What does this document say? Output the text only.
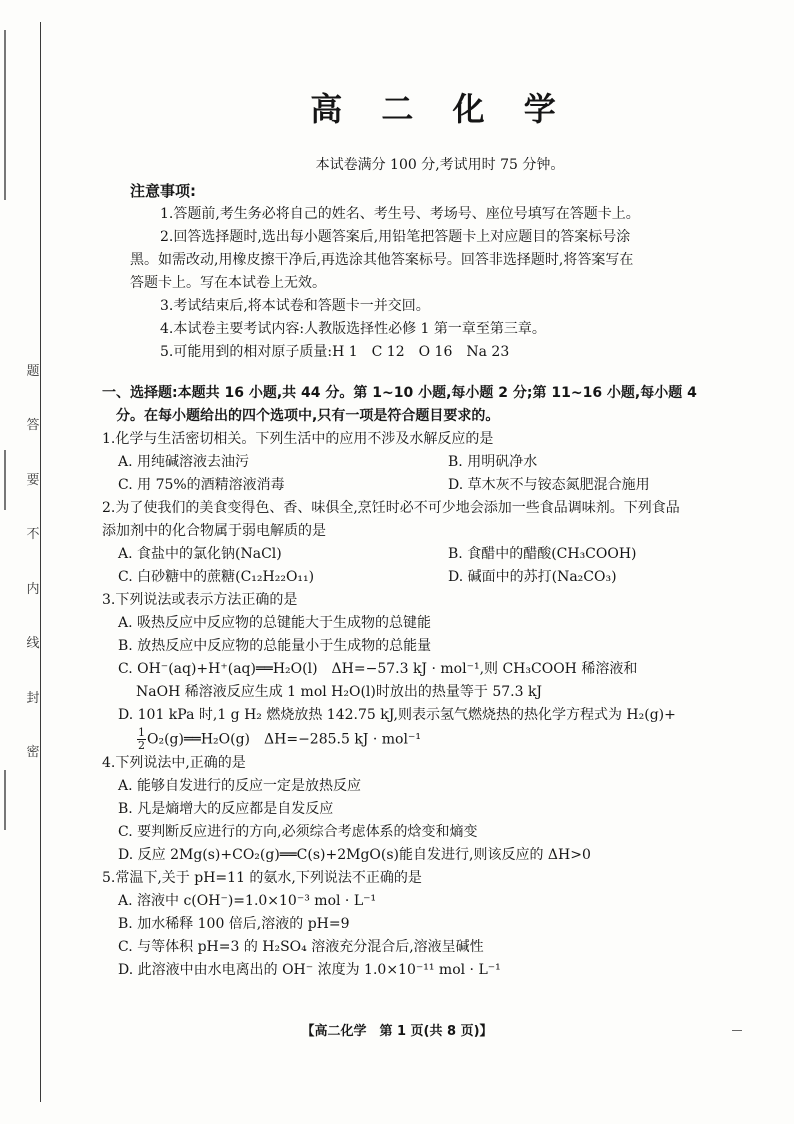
题
答
要
不
内
线
封
密
高 二 化 学
本试卷满分 100 分,考试用时 75 分钟。
注意事项:

1.答题前,考生务必将自己的姓名、考生号、考场号、座位号填写在答题卡上。

2.回答选择题时,选出每小题答案后,用铅笔把答题卡上对应题目的答案标号涂

黑。如需改动,用橡皮擦干净后,再选涂其他答案标号。回答非选择题时,将答案写在

答题卡上。写在本试卷上无效。

3.考试结束后,将本试卷和答题卡一并交回。

4.本试卷主要考试内容:人教版选择性必修 1 第一章至第三章。

5.可能用到的相对原子质量:H 1　C 12　O 16　Na 23

一、选择题:本题共 16 小题,共 44 分。第 1~10 小题,每小题 2 分;第 11~16 小题,每小题 4
分。在每小题给出的四个选项中,只有一项是符合题目要求的。
1.化学与生活密切相关。下列生活中的应用不涉及水解反应的是
A. 用纯碱溶液去油污	B. 用明矾净水
C. 用 75%的酒精溶液消毒	D. 草木灰不与铵态氮肥混合施用
2.为了使我们的美食变得色、香、味俱全,烹饪时必不可少地会添加一些食品调味剂。下列食品
添加剂中的化合物属于弱电解质的是
A. 食盐中的氯化钠(NaCl)	B. 食醋中的醋酸(CH₃COOH)
C. 白砂糖中的蔗糖(C₁₂H₂₂O₁₁)	D. 碱面中的苏打(Na₂CO₃)
3.下列说法或表示方法正确的是
A. 吸热反应中反应物的总键能大于生成物的总键能
B. 放热反应中反应物的总能量小于生成物的总能量
C. OH⁻(aq)+H⁺(aq)══H₂O(l)　ΔH=−57.3 kJ · mol⁻¹,则 CH₃COOH 稀溶液和
NaOH 稀溶液反应生成 1 mol H₂O(l)时放出的热量等于 57.3 kJ
D. 101 kPa 时,1 g H₂ 燃烧放热 142.75 kJ,则表示氢气燃烧热的热化学方程式为 H₂(g)+
$\frac{1}{2}$ O₂(g)══H₂O(g)　ΔH=−285.5 kJ · mol⁻¹
4.下列说法中,正确的是
A. 能够自发进行的反应一定是放热反应
B. 凡是熵增大的反应都是自发反应
C. 要判断反应进行的方向,必须综合考虑体系的焓变和熵变
D. 反应 2Mg(s)+CO₂(g)══C(s)+2MgO(s)能自发进行,则该反应的 ΔH>0
5.常温下,关于 pH=11 的氨水,下列说法不正确的是
A. 溶液中 c(OH⁻)=1.0×10⁻³ mol · L⁻¹
B. 加水稀释 100 倍后,溶液的 pH=9
C. 与等体积 pH=3 的 H₂SO₄ 溶液充分混合后,溶液呈碱性
D. 此溶液中由水电离出的 OH⁻ 浓度为 1.0×10⁻¹¹ mol · L⁻¹
【高二化学　第 1 页(共 8 页)】
